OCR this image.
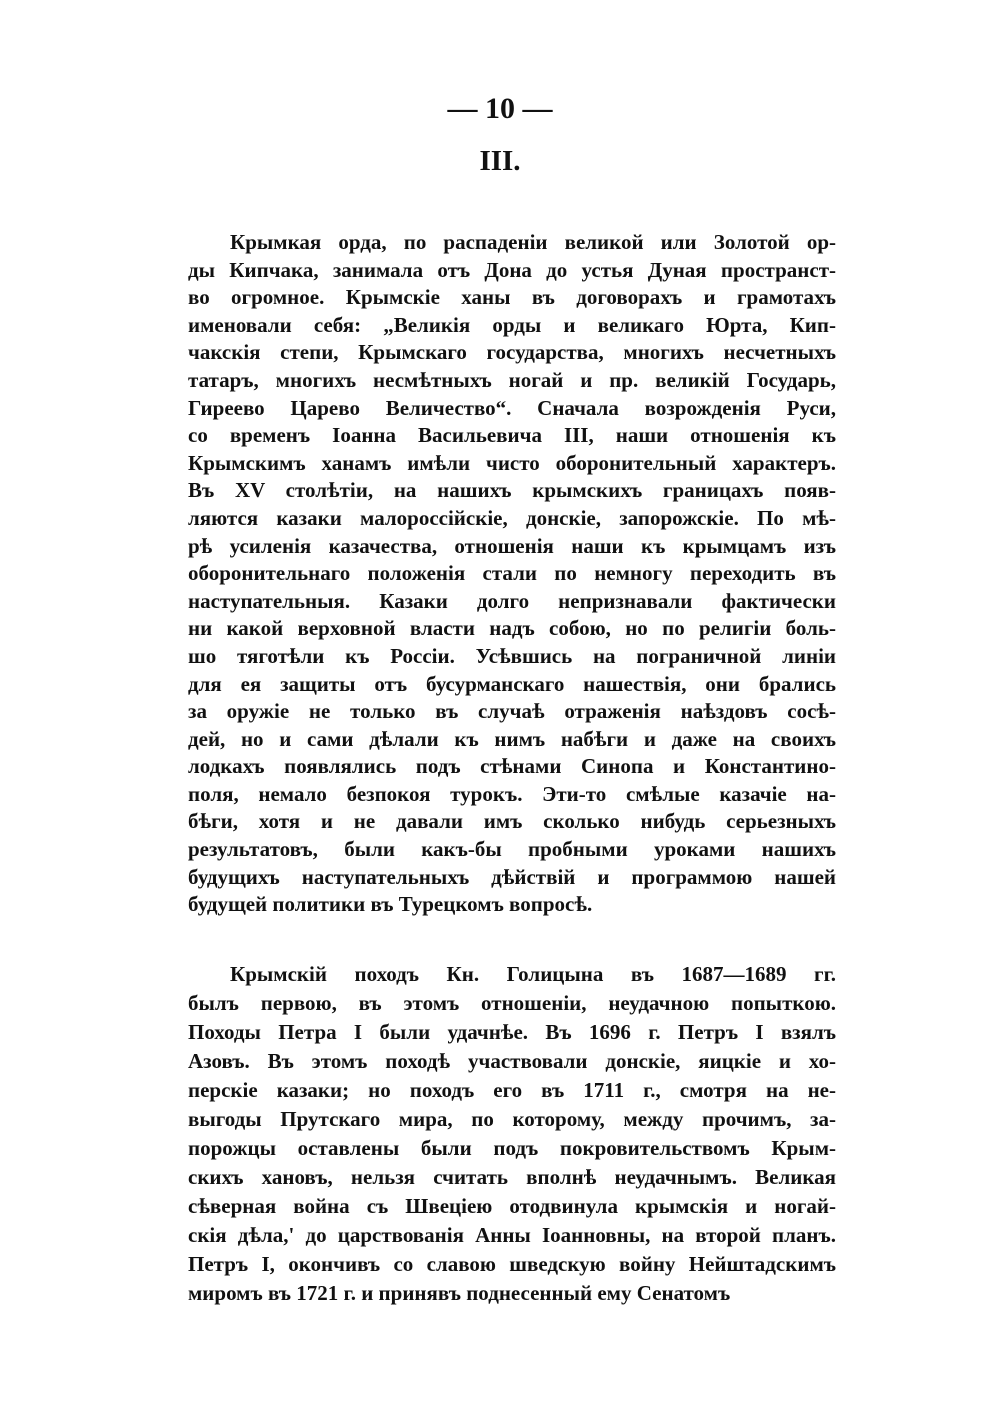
— 10 —
III.
Крымкая орда, по распаденіи великой или Золотой ор-
ды Кипчака, занимала отъ Дона до устья Дуная пространст-
во огромное. Крымскіе ханы въ договорахъ и грамотахъ
именовали себя: „Великія орды и великаго Юрта, Кип-
чакскія степи, Крымскаго государства, многихъ несчетныхъ
татаръ, многихъ несмѣтныхъ ногай и пр. великій Государь,
Гиреево Царево Величество“. Сначала возрожденія Руси,
со временъ Іоанна Васильевича III, наши отношенія къ
Крымскимъ ханамъ имѣли чисто оборонительный характеръ.
Въ XV столѣтіи, на нашихъ крымскихъ границахъ появ-
ляются казаки малороссійскіе, донскіе, запорожскіе. По мѣ-
рѣ усиленія казачества, отношенія наши къ крымцамъ изъ
оборонительнаго положенія стали по немногу переходить въ
наступательныя. Казаки долго непризнавали фактически
ни какой верховной власти надъ собою, но по религіи боль-
шо тяготѣли къ Россіи. Усѣвшись на пограничной линіи
для ея защиты отъ бусурманскаго нашествія, они брались
за оружіе не только въ случаѣ отраженія наѣздовъ сосѣ-
дей, но и сами дѣлали къ нимъ набѣги и даже на своихъ
лодкахъ появлялись подъ стѣнами Синопа и Константино-
поля, немало безпокоя турокъ. Эти-то смѣлые казачіе на-
бѣги, хотя и не давали имъ сколько нибудь серьезныхъ
результатовъ, были какъ-бы пробными уроками нашихъ
будущихъ наступательныхъ дѣйствій и программою нашей
будущей политики въ Турецкомъ вопросѣ.
Крымскій походъ Кн. Голицына въ 1687—1689 гг.
былъ первою, въ этомъ отношеніи, неудачною попыткою.
Походы Петра I были удачнѣе. Въ 1696 г. Петръ I взялъ
Азовъ. Въ этомъ походѣ участвовали донскіе, яицкіе и хо-
перскіе казаки; но походъ его въ 1711 г., смотря на не-
выгоды Прутскаго мира, по которому, между прочимъ, за-
порожцы оставлены были подъ покровительствомъ Крым-
скихъ хановъ, нельзя считать вполнѣ неудачнымъ. Великая
сѣверная война съ Швеціею отодвинула крымскія и ногай-
скія дѣла,' до царствованія Анны Іоанновны, на второй планъ.
Петръ I, окончивъ со славою шведскую войну Нейштадскимъ
миромъ въ 1721 г. и принявъ поднесенный ему Сенатомъ
